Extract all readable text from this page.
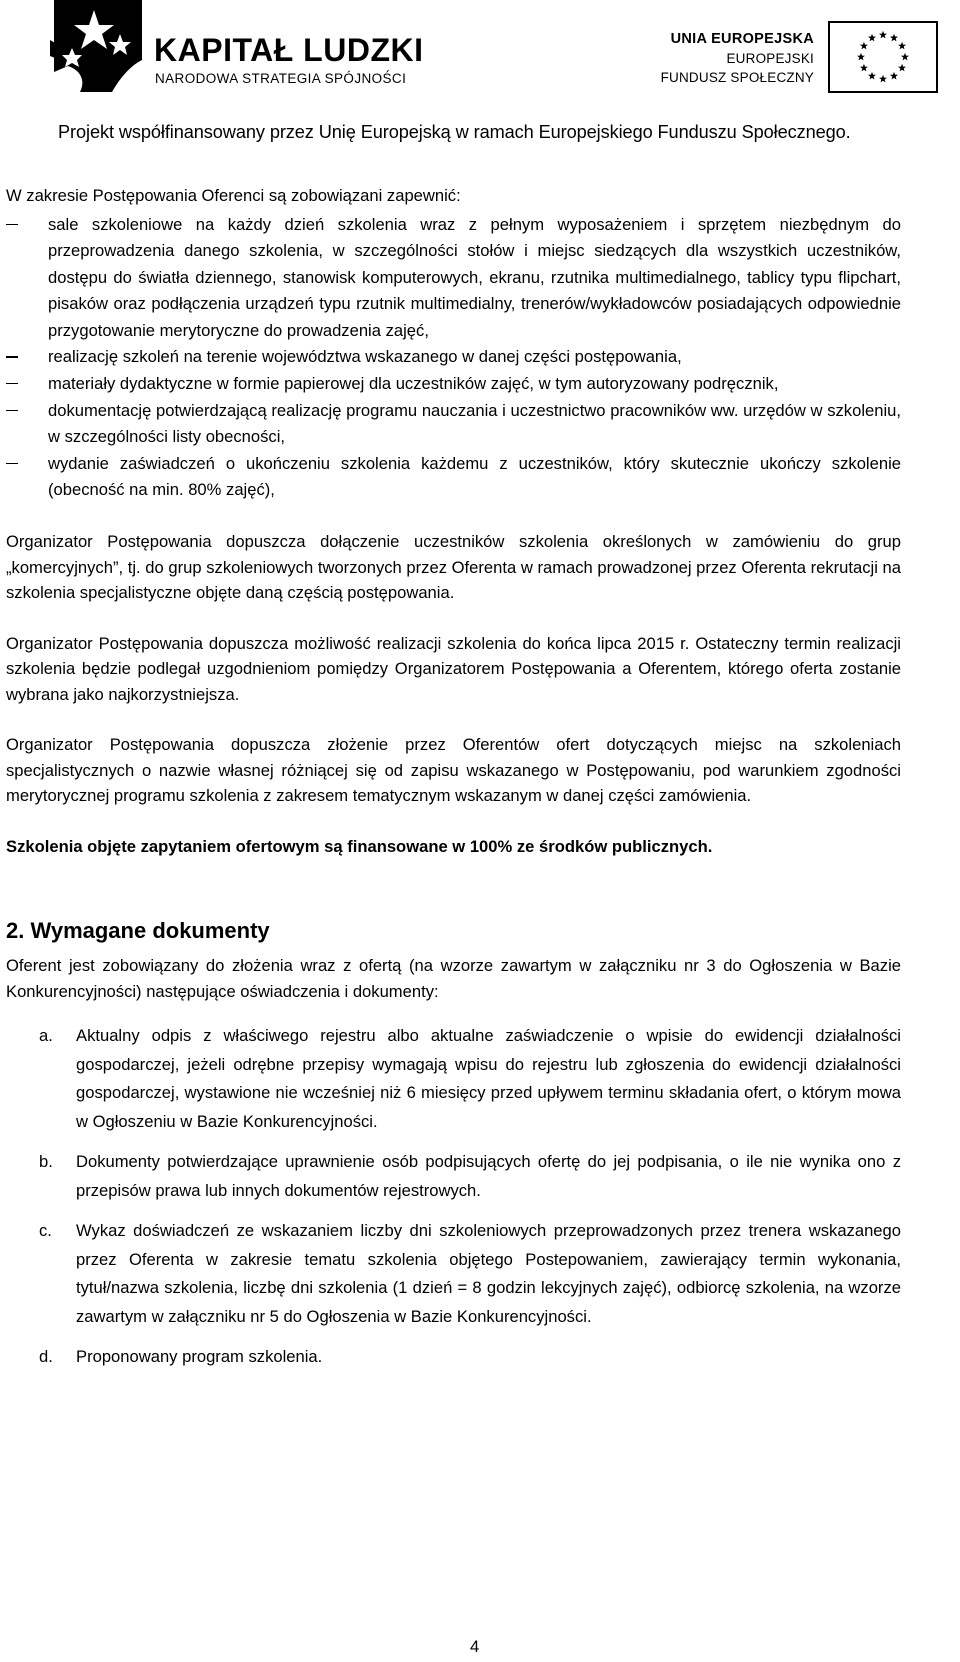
KAPITAŁ LUDZKI
NARODOWA STRATEGIA SPÓJNOŚCI
UNIA EUROPEJSKA
EUROPEJSKI
FUNDUSZ SPOŁECZNY
Projekt współfinansowany przez Unię Europejską w ramach Europejskiego Funduszu Społecznego.

W zakresie Postępowania Oferenci są zobowiązani zapewnić:

sale szkoleniowe na każdy dzień szkolenia wraz z pełnym wyposażeniem i sprzętem niezbędnym do przeprowadzenia danego szkolenia, w szczególności stołów i miejsc siedzących dla wszystkich uczestników, dostępu do światła dziennego, stanowisk komputerowych, ekranu, rzutnika multimedialnego, tablicy typu flipchart, pisaków oraz podłączenia urządzeń typu rzutnik multimedialny, trenerów/wykładowców posiadających odpowiednie przygotowanie merytoryczne do prowadzenia zajęć,
realizację szkoleń na terenie województwa wskazanego w danej części postępowania,
materiały dydaktyczne w formie papierowej dla uczestników zajęć, w tym autoryzowany podręcznik,
dokumentację potwierdzającą realizację programu nauczania i uczestnictwo pracowników ww. urzędów w szkoleniu, w szczególności listy obecności,
wydanie zaświadczeń o ukończeniu szkolenia każdemu z uczestników, który skutecznie ukończy szkolenie (obecność na min. 80% zajęć),

Organizator Postępowania dopuszcza dołączenie uczestników szkolenia określonych w zamówieniu do grup „komercyjnych”, tj. do grup szkoleniowych tworzonych przez Oferenta w ramach prowadzonej przez Oferenta rekrutacji na szkolenia specjalistyczne objęte daną częścią postępowania.

Organizator Postępowania dopuszcza możliwość realizacji szkolenia do końca lipca 2015 r. Ostateczny termin realizacji szkolenia będzie podlegał uzgodnieniom pomiędzy Organizatorem Postępowania a Oferentem, którego oferta zostanie wybrana jako najkorzystniejsza.

Organizator Postępowania dopuszcza złożenie przez Oferentów ofert dotyczących miejsc na szkoleniach specjalistycznych o nazwie własnej różniącej się od zapisu wskazanego w Postępowaniu, pod warunkiem zgodności merytorycznej programu szkolenia z zakresem tematycznym wskazanym w danej części zamówienia.

Szkolenia objęte zapytaniem ofertowym są finansowane w 100% ze środków publicznych.

2. Wymagane dokumenty

Oferent jest zobowiązany do złożenia wraz z ofertą (na wzorze zawartym w załączniku nr 3 do Ogłoszenia w Bazie Konkurencyjności) następujące oświadczenia i dokumenty:

a. Aktualny odpis z właściwego rejestru albo aktualne zaświadczenie o wpisie do ewidencji działalności gospodarczej, jeżeli odrębne przepisy wymagają wpisu do rejestru lub zgłoszenia do ewidencji działalności gospodarczej, wystawione nie wcześniej niż 6 miesięcy przed upływem terminu składania ofert, o którym mowa w Ogłoszeniu w Bazie Konkurencyjności.
b. Dokumenty potwierdzające uprawnienie osób podpisujących ofertę do jej podpisania, o ile nie wynika ono z przepisów prawa lub innych dokumentów rejestrowych.
c. Wykaz doświadczeń ze wskazaniem liczby dni szkoleniowych przeprowadzonych przez trenera wskazanego przez Oferenta w zakresie tematu szkolenia objętego Postepowaniem, zawierający termin wykonania, tytuł/nazwa szkolenia, liczbę dni szkolenia (1 dzień = 8 godzin lekcyjnych zajęć), odbiorcę szkolenia, na wzorze zawartym w załączniku nr 5 do Ogłoszenia w Bazie Konkurencyjności.
d. Proponowany program szkolenia.
4
